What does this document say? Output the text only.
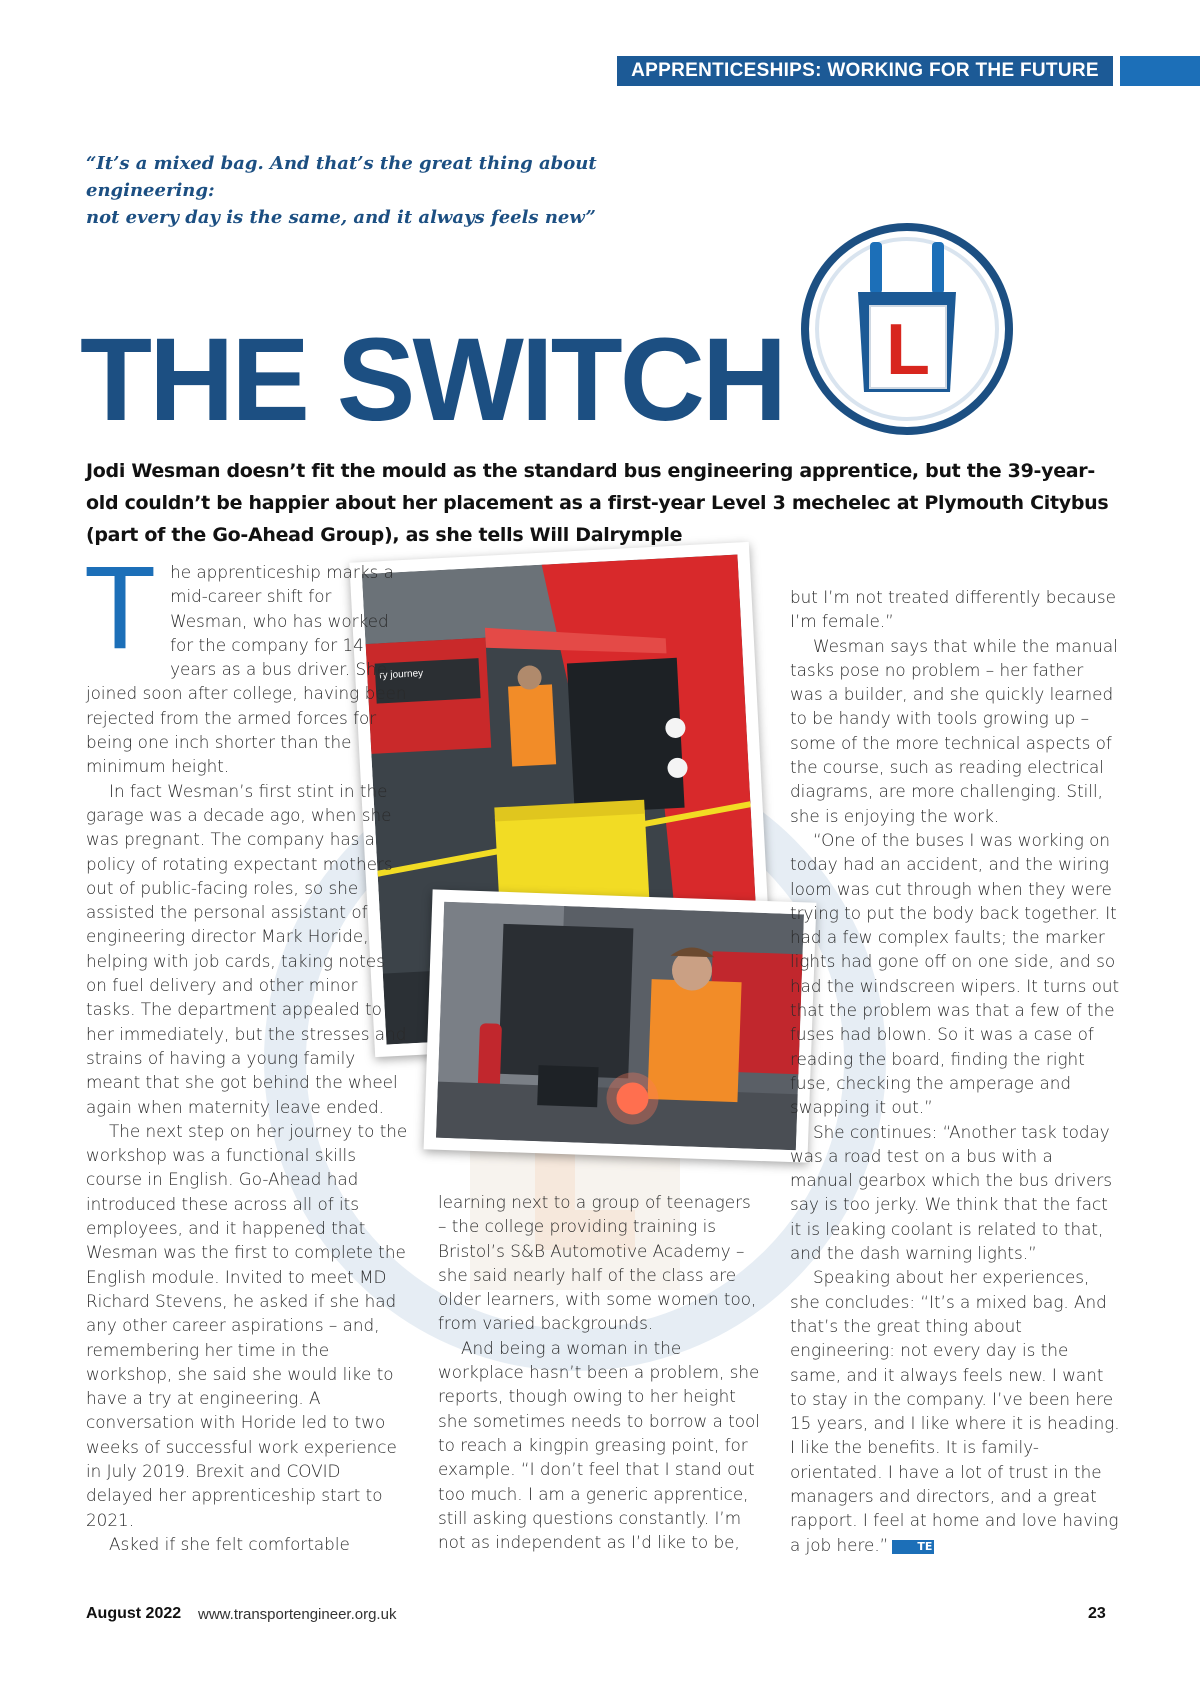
APPRENTICESHIPS: WORKING FOR THE FUTURE
“It’s a mixed bag. And that’s the great thing about engineering:
not every day is the same, and it always feels new”
THE SWITCH L
Jodi Wesman doesn’t fit the mould as the standard bus engineering apprentice, but the 39-year-old couldn’t be happier about her placement as a first-year Level 3 mechelec at Plymouth Citybus (part of the Go-Ahead Group), as she tells Will Dalrymple
ry journey
T he apprenticeship marks a mid-career shift for Wesman, who has worked for the company for 14 years as a bus driver. She joined soon after college, having been rejected from the armed forces for being one inch shorter than the minimum height.

In fact Wesman’s first stint in the garage was a decade ago, when she was pregnant. The company has a policy of rotating expectant mothers out of public-facing roles, so she assisted the personal assistant of engineering director Mark Horide, helping with job cards, taking notes on fuel delivery and other minor tasks. The department appealed to her immediately, but the stresses and strains of having a young family meant that she got behind the wheel again when maternity leave ended.

The next step on her journey to the workshop was a functional skills course in English. Go-Ahead had introduced these across all of its employees, and it happened that Wesman was the first to complete the English module. Invited to meet MD Richard Stevens, he asked if she had any other career aspirations – and, remembering her time in the workshop, she said she would like to have a try at engineering. A conversation with Horide led to two weeks of successful work experience in July 2019. Brexit and COVID delayed her apprenticeship start to 2021.

Asked if she felt comfortable

learning next to a group of teenagers – the college providing training is Bristol’s S&B Automotive Academy – she said nearly half of the class are older learners, with some women too, from varied backgrounds.

And being a woman in the workplace hasn’t been a problem, she reports, though owing to her height she sometimes needs to borrow a tool to reach a kingpin greasing point, for example. “I don’t feel that I stand out too much. I am a generic apprentice, still asking questions constantly. I’m not as independent as I’d like to be,

but I’m not treated differently because I’m female.”

Wesman says that while the manual tasks pose no problem – her father was a builder, and she quickly learned to be handy with tools growing up – some of the more technical aspects of the course, such as reading electrical diagrams, are more challenging. Still, she is enjoying the work.

“One of the buses I was working on today had an accident, and the wiring loom was cut through when they were trying to put the body back together. It had a few complex faults; the marker lights had gone off on one side, and so had the windscreen wipers. It turns out that the problem was that a few of the fuses had blown. So it was a case of reading the board, finding the right fuse, checking the amperage and swapping it out.”

She continues: “Another task today was a road test on a bus with a manual gearbox which the bus drivers say is too jerky. We think that the fact it is leaking coolant is related to that, and the dash warning lights.”

Speaking about her experiences, she concludes: “It’s a mixed bag. And that’s the great thing about engineering: not every day is the same, and it always feels new. I want to stay in the company. I’ve been here 15 years, and I like where it is heading. I like the benefits. It is family-orientated. I have a lot of trust in the managers and directors, and a great rapport. I feel at home and love having a job here.”	TE

August 2022 www.transportengineer.org.uk	23
